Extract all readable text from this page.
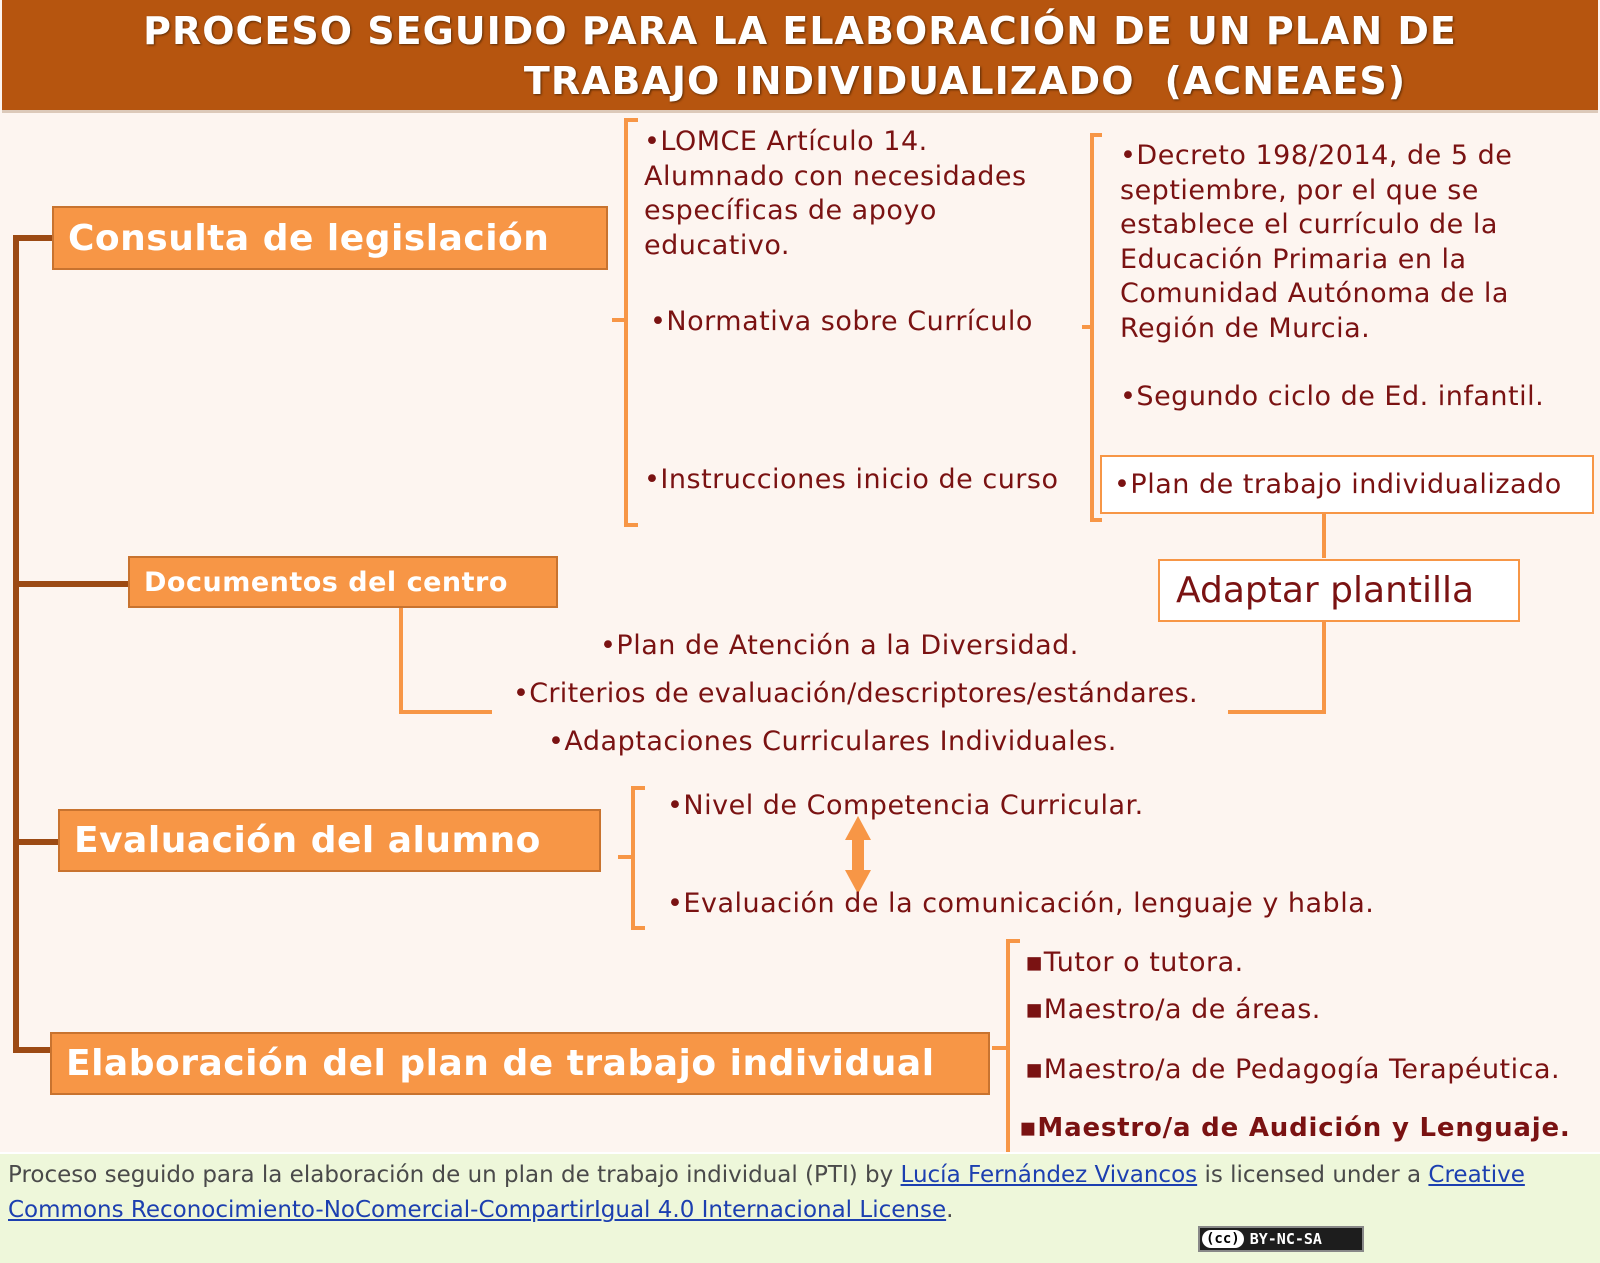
PROCESO SEGUIDO PARA LA ELABORACIÓN DE UN PLAN DE
TRABAJO INDIVIDUALIZADO (ACNEAES)
Consulta de legislación
Documentos del centro
Evaluación del alumno
Elaboración del plan de trabajo individual
•LOMCE Artículo 14.
Alumnado con necesidades
específicas de apoyo
educativo.
•Normativa sobre Currículo
•Instrucciones inicio de curso
•Decreto 198/2014, de 5 de
septiembre, por el que se
establece el currículo de la
Educación Primaria en la
Comunidad Autónoma de la
Región de Murcia.
•Segundo ciclo de Ed. infantil.
•Plan de trabajo individualizado
Adaptar plantilla
•Plan de Atención a la Diversidad.
•Criterios de evaluación/descriptores/estándares.
•Adaptaciones Curriculares Individuales.
•Nivel de Competencia Curricular.
•Evaluación de la comunicación, lenguaje y habla.
▪Tutor o tutora.
▪Maestro/a de áreas.
▪Maestro/a de Pedagogía Terapéutica.
▪Maestro/a de Audición y Lenguaje.
Proceso seguido para la elaboración de un plan de trabajo individual (PTI) by Lucía Fernández Vivancos is licensed under a Creative Commons Reconocimiento-NoComercial-CompartirIgual 4.0 Internacional License.
(cc) BY-NC-SA
